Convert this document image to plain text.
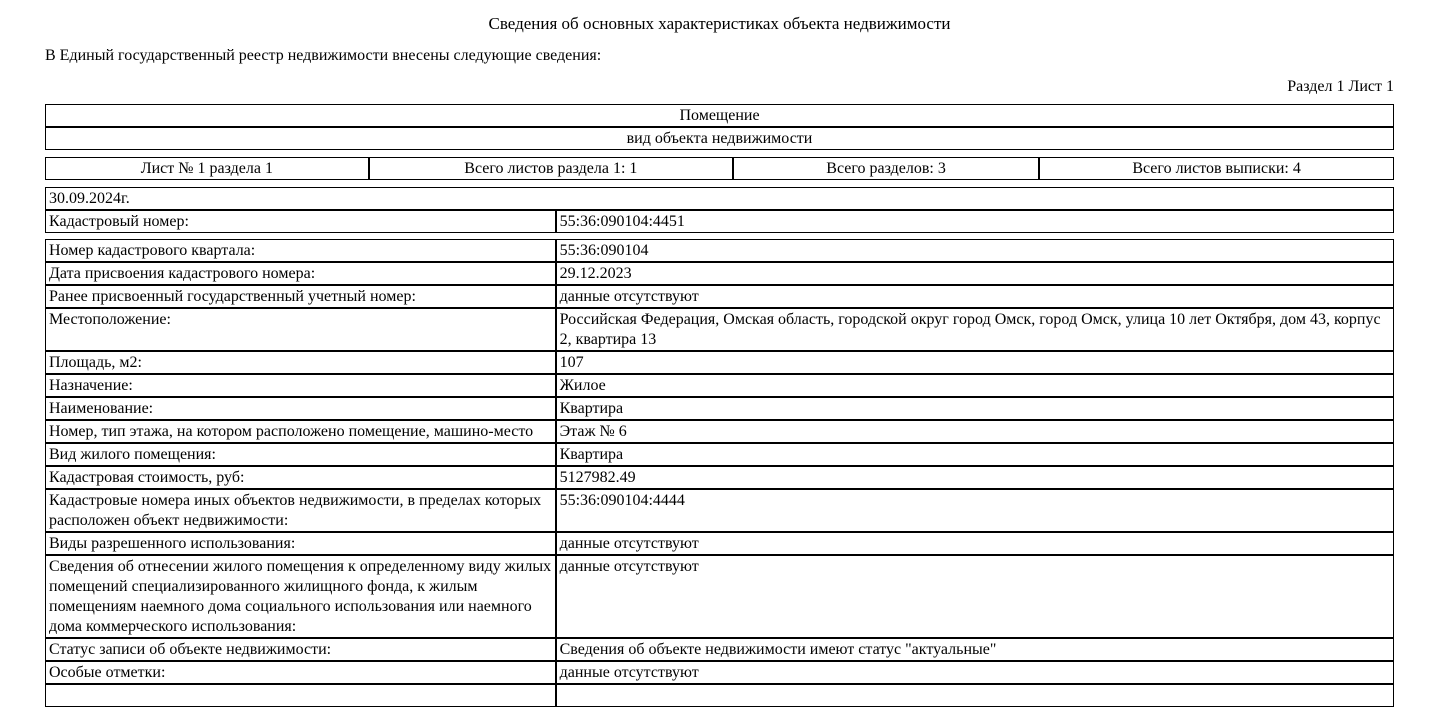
Сведения об основных характеристиках объекта недвижимости
В Единый государственный реестр недвижимости внесены следующие сведения:
Раздел 1 Лист 1
Помещение
вид объекта недвижимости
Лист № 1 раздела 1	Всего листов раздела 1: 1	Всего разделов: 3	Всего листов выписки: 4
30.09.2024г.
Кадастровый номер:	55:36:090104:4451
Номер кадастрового квартала:	55:36:090104
Дата присвоения кадастрового номера:	29.12.2023
Ранее присвоенный государственный учетный номер:	данные отсутствуют
Местоположение:	Российская Федерация, Омская область, городской округ город Омск, город Омск, улица 10 лет Октября, дом 43, корпус 2, квартира 13
Площадь, м2:	107
Назначение:	Жилое
Наименование:	Квартира
Номер, тип этажа, на котором расположено помещение, машино-место	Этаж № 6
Вид жилого помещения:	Квартира
Кадастровая стоимость, руб:	5127982.49
Кадастровые номера иных объектов недвижимости, в пределах которых расположен объект недвижимости:	55:36:090104:4444
Виды разрешенного использования:	данные отсутствуют
Сведения об отнесении жилого помещения к определенному виду жилых помещений специализированного жилищного фонда, к жилым помещениям наемного дома социального использования или наемного дома коммерческого использования:	данные отсутствуют
Статус записи об объекте недвижимости:	Сведения об объекте недвижимости имеют статус "актуальные"
Особые отметки:	данные отсутствуют
